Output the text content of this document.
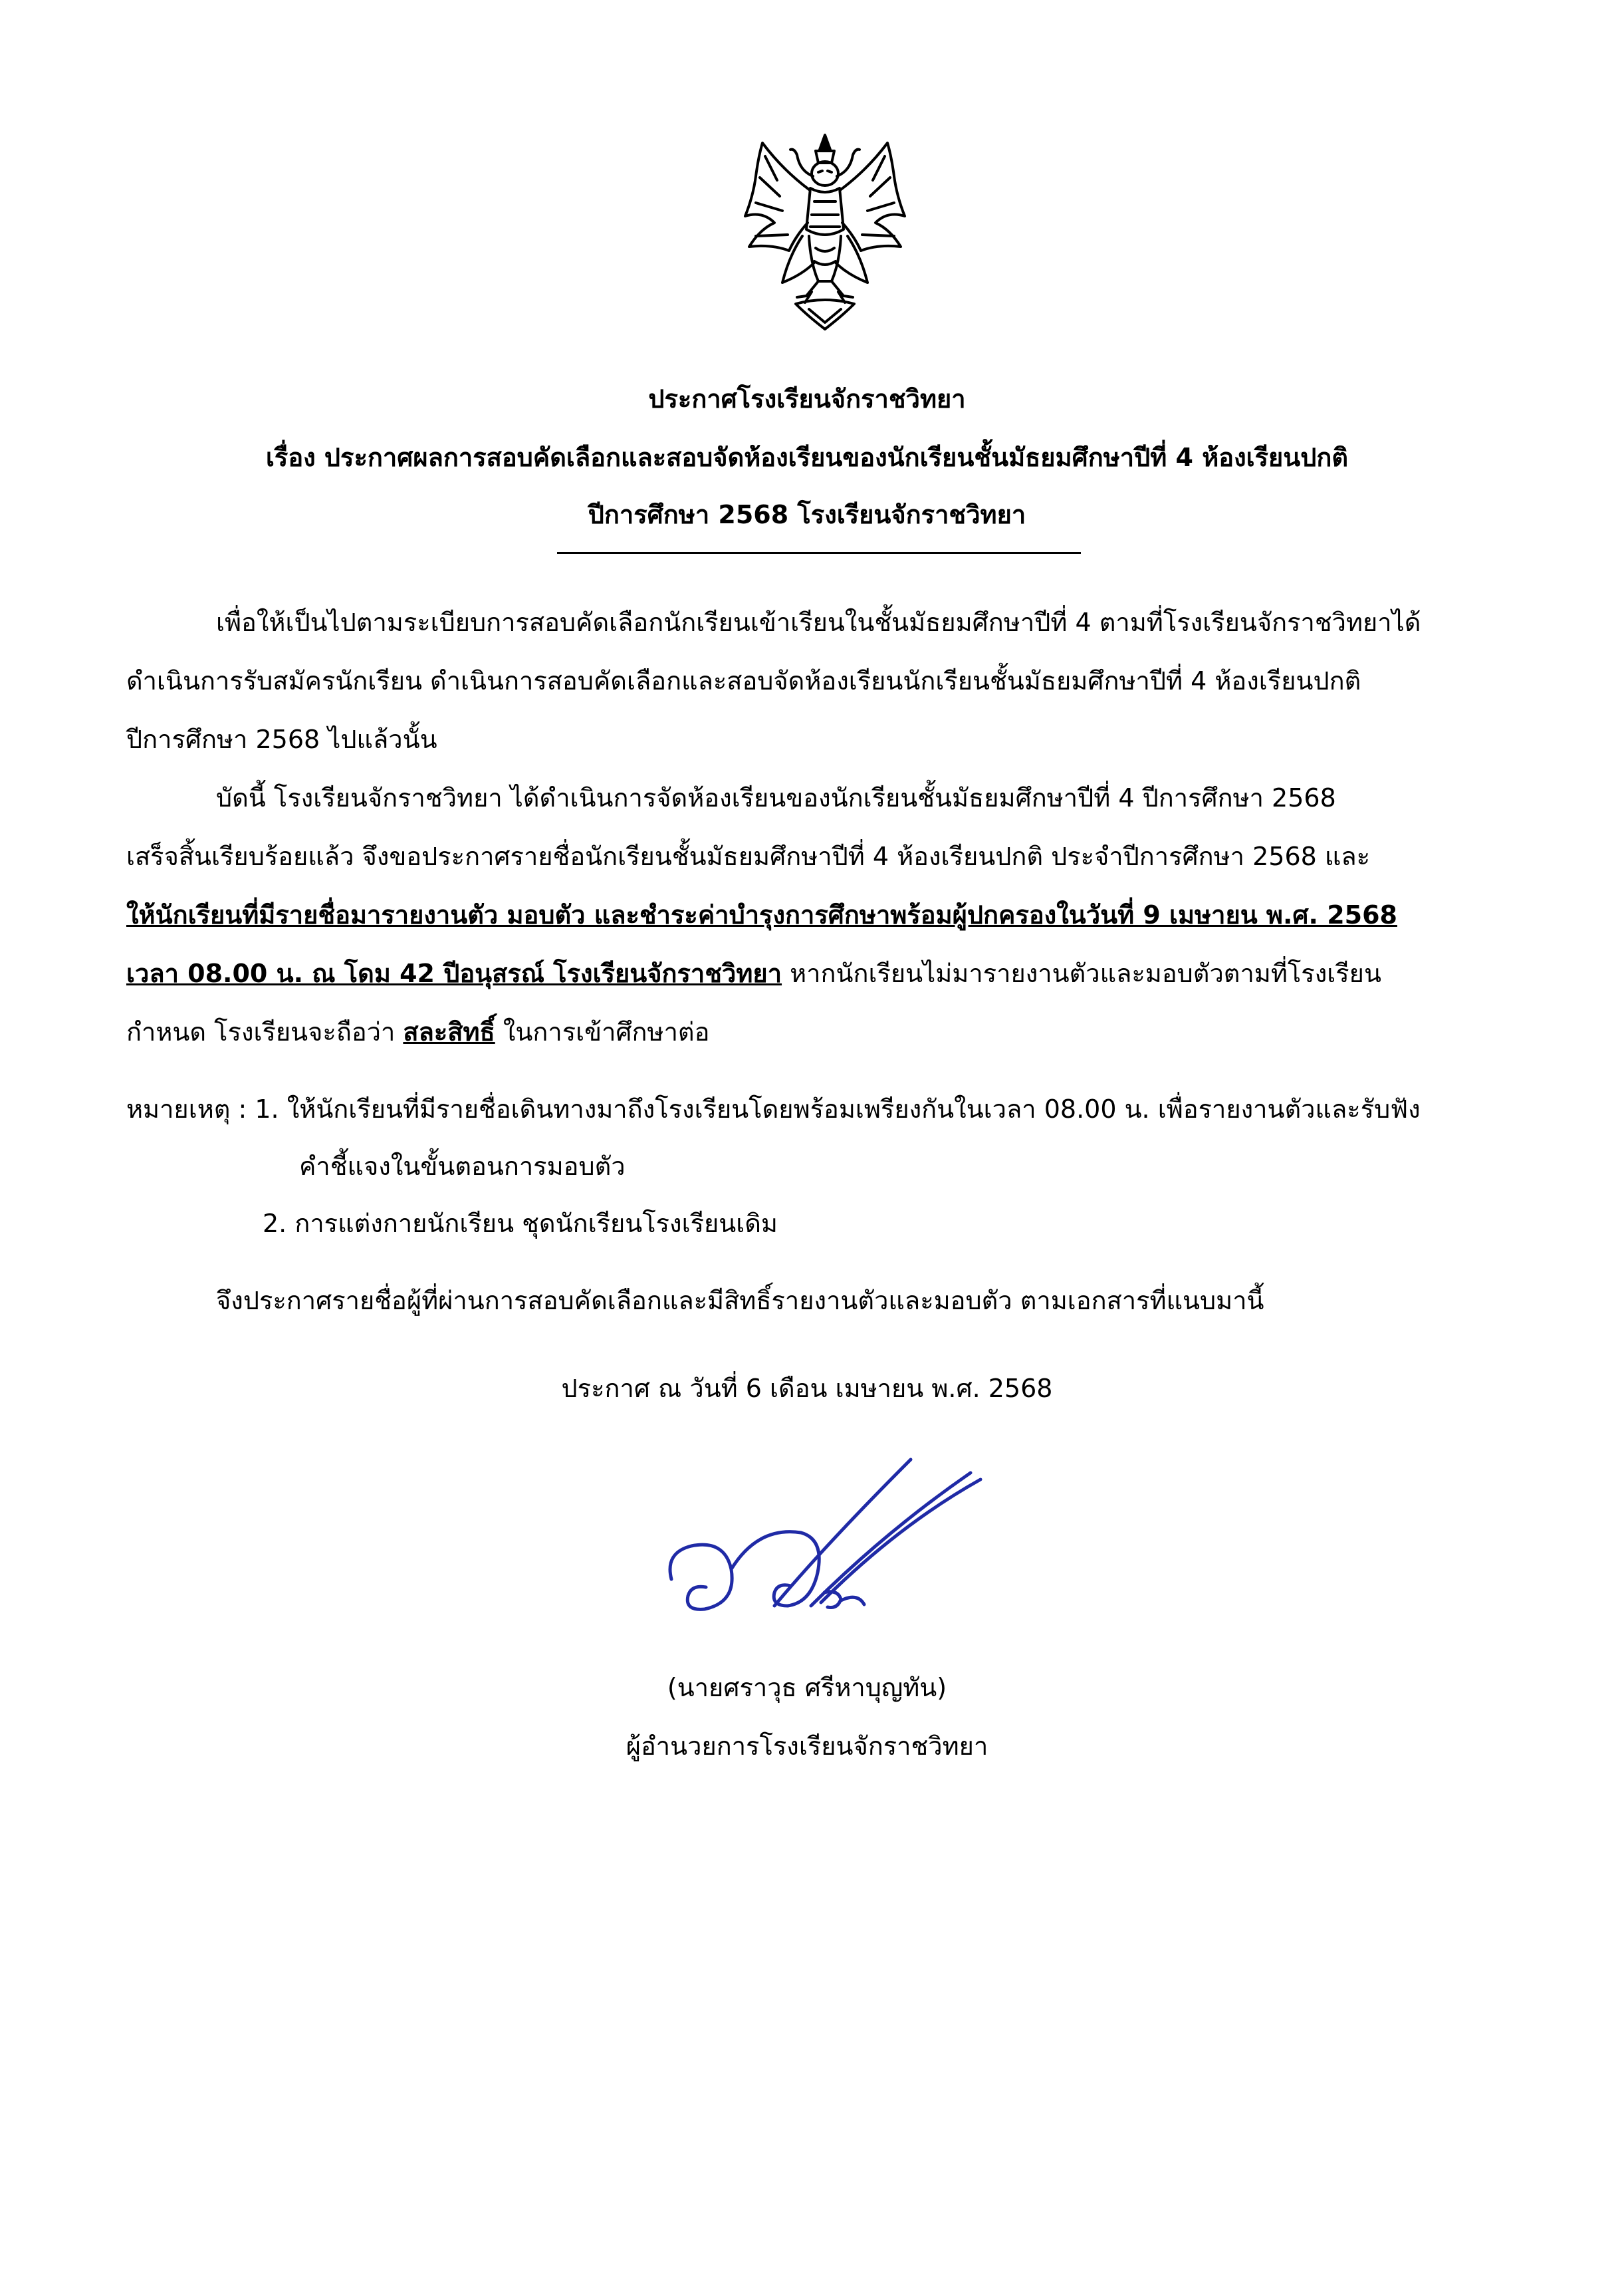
ประกาศโรงเรียนจักราชวิทยา
เรื่อง ประกาศผลการสอบคัดเลือกและสอบจัดห้องเรียนของนักเรียนชั้นมัธยมศึกษาปีที่ 4 ห้องเรียนปกติ
ปีการศึกษา 2568 โรงเรียนจักราชวิทยา
เพื่อให้เป็นไปตามระเบียบการสอบคัดเลือกนักเรียนเข้าเรียนในชั้นมัธยมศึกษาปีที่ 4 ตามที่โรงเรียนจักราชวิทยาได้
ดำเนินการรับสมัครนักเรียน ดำเนินการสอบคัดเลือกและสอบจัดห้องเรียนนักเรียนชั้นมัธยมศึกษาปีที่ 4 ห้องเรียนปกติ
ปีการศึกษา 2568 ไปแล้วนั้น
บัดนี้ โรงเรียนจักราชวิทยา ได้ดำเนินการจัดห้องเรียนของนักเรียนชั้นมัธยมศึกษาปีที่ 4 ปีการศึกษา 2568
เสร็จสิ้นเรียบร้อยแล้ว จึงขอประกาศรายชื่อนักเรียนชั้นมัธยมศึกษาปีที่ 4 ห้องเรียนปกติ ประจำปีการศึกษา 2568 และ
ให้นักเรียนที่มีรายชื่อมารายงานตัว มอบตัว และชำระค่าบำรุงการศึกษาพร้อมผู้ปกครองในวันที่ 9 เมษายน พ.ศ. 2568
เวลา 08.00 น. ณ โดม 42 ปีอนุสรณ์ โรงเรียนจักราชวิทยา หากนักเรียนไม่มารายงานตัวและมอบตัวตามที่โรงเรียน
กำหนด โรงเรียนจะถือว่า สละสิทธิ์ ในการเข้าศึกษาต่อ
หมายเหตุ : 1. ให้นักเรียนที่มีรายชื่อเดินทางมาถึงโรงเรียนโดยพร้อมเพรียงกันในเวลา 08.00 น. เพื่อรายงานตัวและรับฟัง
คำชี้แจงในขั้นตอนการมอบตัว
2. การแต่งกายนักเรียน ชุดนักเรียนโรงเรียนเดิม
จึงประกาศรายชื่อผู้ที่ผ่านการสอบคัดเลือกและมีสิทธิ์รายงานตัวและมอบตัว ตามเอกสารที่แนบมานี้
ประกาศ ณ วันที่ 6 เดือน เมษายน พ.ศ. 2568
(นายศราวุธ ศรีหาบุญทัน)
ผู้อำนวยการโรงเรียนจักราชวิทยา
